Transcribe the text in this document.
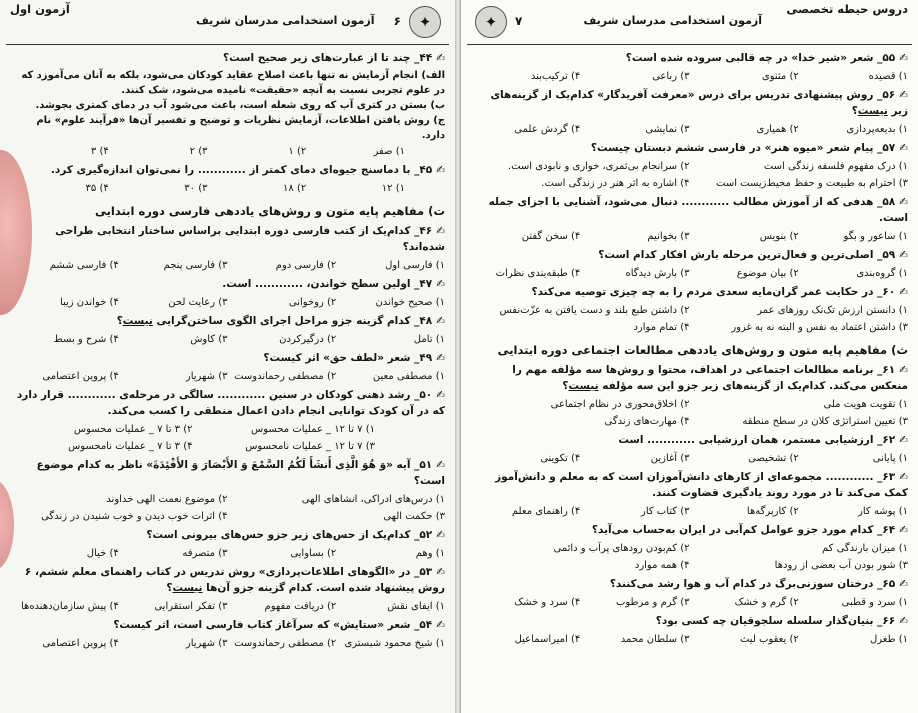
آزمون اول
آزمون استخدامی مدرسان شریف ۶	✦
✍۴۴_ چند تا از عبارت‌های زیر صحیح است؟
الف) انجام آزمایش نه تنها باعث اصلاح عقاید کودکان می‌شود، بلکه به آنان می‌آموزد که در علوم تجربی نسبت به آنچه «حقیقت» نامیده می‌شود، شک کنند.
ب) بستن در کتری آب که روی شعله است، باعث می‌شود آب در دمای کمتری بجوشد.
ج) روش یافتن اطلاعات، آزمایش نظریات و توضیح و تفسیر آن‌ها «فرآیند علوم» نام دارد.
۱) صفر
۲) ۱
۳) ۲
۴) ۳
✍۴۵_ با دماسنج جیوه‌ای دمای کمتر از ............ را نمی‌توان اندازه‌گیری کرد.
۱) ۱۲
۲) ۱۸
۳) ۳۰
۴) ۳۵
ت) مفاهیم پایه متون و روش‌های یاددهی فارسی دوره ابتدایی
✍۴۶_ کدام‌یک از کتب فارسی دوره ابتدایی براساس ساختار انتخابی طراحی شده‌اند؟
۱) فارسی اول
۲) فارسی دوم
۳) فارسی پنجم
۴) فارسی ششم
✍۴۷_ اولین سطح خواندن، ............ است.
۱) صحیح خواندن
۲) روخوانی
۳) رعایت لحن
۴) خواندن زیبا
✍۴۸_ کدام گزینه جزو مراحل اجرای الگوی ساختن‌گرایی نیست؟
۱) تامل
۲) درگیرکردن
۳) کاوش
۴) شرح و بسط
✍۴۹_ شعر «لطف حق» اثر کیست؟
۱) مصطفی معین
۲) مصطفی رحماندوست
۳) شهریار
۴) پروین اعتصامی
✍۵۰_ رشد ذهنی کودکان در سنین ............ سالگی در مرحله‌ی ............ قرار دارد که در آن کودک توانایی انجام دادن اعمال منطقی را کسب می‌کند.
۱) ۷ تا ۱۲ _ عملیات محسوس
۲) ۳ تا ۷ _ عملیات محسوس
۳) ۷ تا ۱۲ _ عملیات نامحسوس
۴) ۳ تا ۷ _ عملیات نامحسوس
✍۵۱_ آیه «وَ هُوَ الَّذِی أَنشَأَ لَکُمُ السَّمْعَ وَ الأَبْصَارَ وَ الأَفْئِدَةَ» ناظر به کدام موضوع است؟
۱) درس‌های ادراکی، انشاهای الهی
۲) موضوع نعمت الهی خداوند
۳) حکمت الهی
۴) اثرات خوب دیدن و خوب شنیدن در زندگی
✍۵۲_ کدام‌یک از حس‌های زیر جزو حس‌های بیرونی است؟
۱) وهم
۲) بساوایی
۳) متصرفه
۴) خیال
✍۵۳_ در «الگوهای اطلاعات‌پردازی» روش تدریس در کتاب راهنمای معلم ششم، ۶ روش پیشنهاد شده است. کدام گزینه جزو آن‌ها نیست؟
۱) ایفای نقش
۲) دریافت مفهوم
۳) تفکر استقرایی
۴) پیش سازمان‌دهنده‌ها
✍۵۴_ شعر «ستایش» که سرآغاز کتاب فارسی است، اثر کیست؟
۱) شیخ محمود شبستری
۲) مصطفی رحماندوست
۳) شهریار
۴) پروین اعتصامی
دروس حیطه تخصصی
آزمون استخدامی مدرسان شریف
۷
✦
✍۵۵_ شعر «شیر خدا» در چه قالبی سروده شده است؟
۱) قصیده
۲) مثنوی
۳) رباعی
۴) ترکیب‌بند
✍۵۶_ روش پیشنهادی تدریس برای درس «معرفت آفریدگار» کدام‌یک از گزینه‌های زیر نیست؟
۱) بدیعه‌پردازی
۲) همیاری
۳) نمایشی
۴) گردش علمی
✍۵۷_ پیام شعر «میوه هنر» در فارسی ششم دبستان چیست؟
۱) درک مفهوم فلسفه زندگی است
۲) سرانجام بی‌ثمری، خواری و نابودی است.
۳) احترام به طبیعت و حفظ محیط‌زیست است
۴) اشاره به اثر هنر در زندگی است.
✍۵۸_ هدفی که از آموزش مطالب ............ دنبال می‌شود، آشنایی با اجزای جمله است.
۱) ساعور و بگو
۲) بنویس
۳) بخوانیم
۴) سخن گفتن
✍۵۹_ اصلی‌ترین و فعال‌ترین مرحله بارش افکار کدام است؟
۱) گروه‌بندی
۲) بیان موضوع
۳) بارش دیدگاه
۴) طبقه‌بندی نظرات
✍۶۰_ در حکایت عمر گران‌مایه سعدی مردم را به چه چیزی توصیه می‌کند؟
۱) دانستن ارزش تک‌تک روزهای عمر
۲) داشتن طبع بلند و دست یافتن به عزّت‌نفس
۳) داشتن اعتماد به نفس و البته نه به غرور
۴) تمام موارد
ث) مفاهیم پایه متون و روش‌های یاددهی مطالعات اجتماعی دوره ابتدایی
✍۶۱_ برنامه مطالعات اجتماعی در اهداف، محتوا و روش‌ها سه مؤلفه مهم را منعکس می‌کند. کدام‌یک از گزینه‌های زیر جزو این سه مؤلفه نیست؟
۱) تقویت هویت ملی
۲) اخلاق‌محوری در نظام اجتماعی
۳) تعیین استراتژی کلان در سطح منطقه
۴) مهارت‌های زندگی
✍۶۲_ ارزشیابی مستمر، همان ارزشیابی ............ است
۱) پایانی
۲) تشخیصی
۳) آغازین
۴) تکوینی
✍۶۳_ ............ مجموعه‌ای از کارهای دانش‌آموزان است که به معلم و دانش‌آموز کمک می‌کند تا در مورد روند یادگیری قضاوت کنند.
۱) پوشه کار
۲) کارپرگه‌ها
۳) کتاب کار
۴) راهنمای معلم
✍۶۴_ کدام مورد جزو عوامل کم‌آبی در ایران به‌حساب می‌آید؟
۱) میزان بارندگی کم
۲) کم‌بودن رودهای پرآب و دائمی
۳) شور بودن آب بعضی از رودها
۴) همه موارد
✍۶۵_ درختان سوزنی‌برگ در کدام آب و هوا رشد می‌کنند؟
۱) سرد و قطبی
۲) گرم و خشک
۳) گرم و مرطوب
۴) سرد و خشک
✍۶۶_ بنیان‌گذار سلسله سلجوقیان چه کسی بود؟
۱) طغرل
۲) یعقوب لیث
۳) سلطان محمد
۴) امیراسماعیل
